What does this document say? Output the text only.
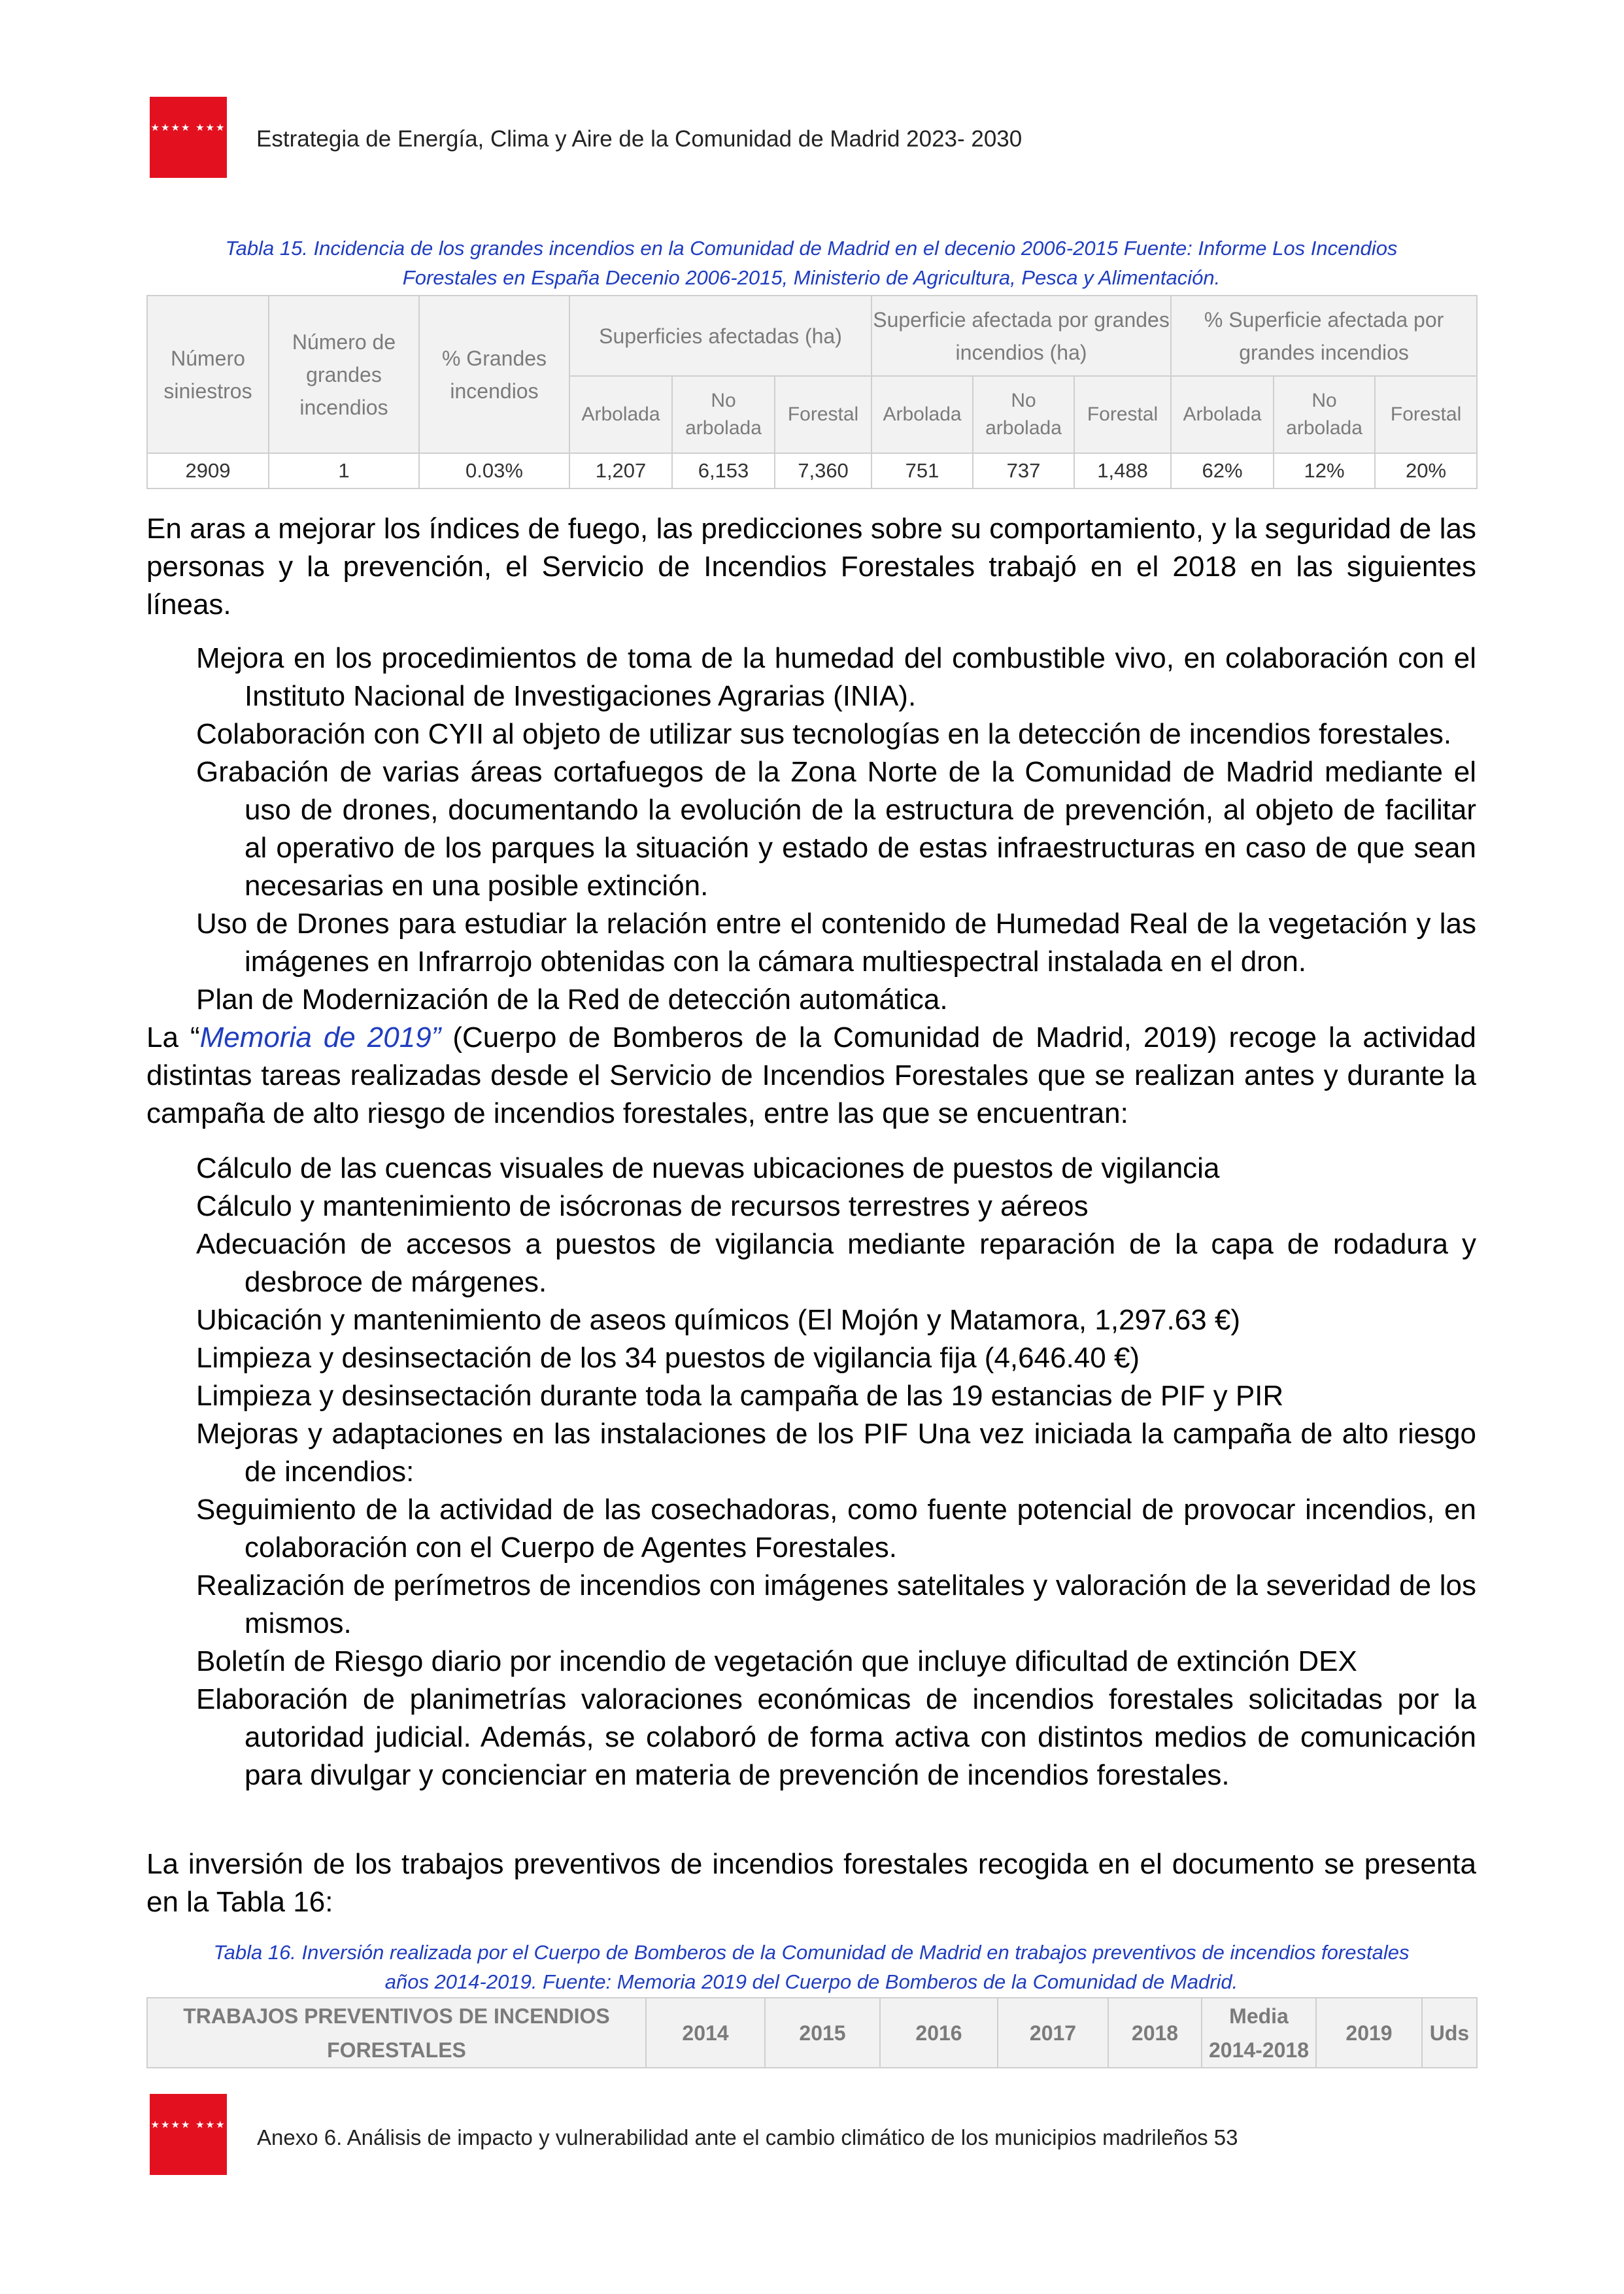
★★★★ ★★★ Estrategia de Energía, Clima y Aire de la Comunidad de Madrid 2023- 2030
Tabla 15. Incidencia de los grandes incendios en la Comunidad de Madrid en el decenio 2006-2015 Fuente: Informe Los Incendios
Forestales en España Decenio 2006-2015, Ministerio de Agricultura, Pesca y Alimentación.
Número siniestros	Número de grandes incendios	% Grandes incendios	Superficies afectadas (ha)			Superficie afectada por grandes incendios (ha)			% Superficie afectada por grandes incendios		
			Arbolada	No arbolada	Forestal	Arbolada	No arbolada	Forestal	Arbolada	No arbolada	Forestal
2909	1	0.03%	1,207	6,153	7,360	751	737	1,488	62%	12%	20%

En aras a mejorar los índices de fuego, las predicciones sobre su comportamiento, y la seguridad de las personas y la prevención, el Servicio de Incendios Forestales trabajó en el 2018 en las siguientes líneas.

Mejora en los procedimientos de toma de la humedad del combustible vivo, en colaboración con el Instituto Nacional de Investigaciones Agrarias (INIA).
Colaboración con CYII al objeto de utilizar sus tecnologías en la detección de incendios forestales.
Grabación de varias áreas cortafuegos de la Zona Norte de la Comunidad de Madrid mediante el uso de drones, documentando la evolución de la estructura de prevención, al objeto de facilitar al operativo de los parques la situación y estado de estas infraestructuras en caso de que sean necesarias en una posible extinción.
Uso de Drones para estudiar la relación entre el contenido de Humedad Real de la vegetación y las imágenes en Infrarrojo obtenidas con la cámara multiespectral instalada en el dron.
Plan de Modernización de la Red de detección automática.

La “Memoria de 2019” (Cuerpo de Bomberos de la Comunidad de Madrid, 2019) recoge la actividad distintas tareas realizadas desde el Servicio de Incendios Forestales que se realizan antes y durante la campaña de alto riesgo de incendios forestales, entre las que se encuentran:

Cálculo de las cuencas visuales de nuevas ubicaciones de puestos de vigilancia
Cálculo y mantenimiento de isócronas de recursos terrestres y aéreos
Adecuación de accesos a puestos de vigilancia mediante reparación de la capa de rodadura y desbroce de márgenes.
Ubicación y mantenimiento de aseos químicos (El Mojón y Matamora, 1,297.63 €)
Limpieza y desinsectación de los 34 puestos de vigilancia fija (4,646.40 €)
Limpieza y desinsectación durante toda la campaña de las 19 estancias de PIF y PIR
Mejoras y adaptaciones en las instalaciones de los PIF Una vez iniciada la campaña de alto riesgo de incendios:
Seguimiento de la actividad de las cosechadoras, como fuente potencial de provocar incendios, en colaboración con el Cuerpo de Agentes Forestales.
Realización de perímetros de incendios con imágenes satelitales y valoración de la severidad de los mismos.
Boletín de Riesgo diario por incendio de vegetación que incluye dificultad de extinción DEX
Elaboración de planimetrías valoraciones económicas de incendios forestales solicitadas por la autoridad judicial. Además, se colaboró de forma activa con distintos medios de comunicación para divulgar y concienciar en materia de prevención de incendios forestales.

La inversión de los trabajos preventivos de incendios forestales recogida en el documento se presenta en la Tabla 16:

Tabla 16. Inversión realizada por el Cuerpo de Bomberos de la Comunidad de Madrid en trabajos preventivos de incendios forestales
años 2014-2019. Fuente: Memoria 2019 del Cuerpo de Bomberos de la Comunidad de Madrid.
TRABAJOS PREVENTIVOS DE INCENDIOS FORESTALES	2014	2015	2016	2017	2018	Media 2014-2018	2019	Uds
★★★★ ★★★
Anexo 6. Análisis de impacto y vulnerabilidad ante el cambio climático de los municipios madrileños 53
